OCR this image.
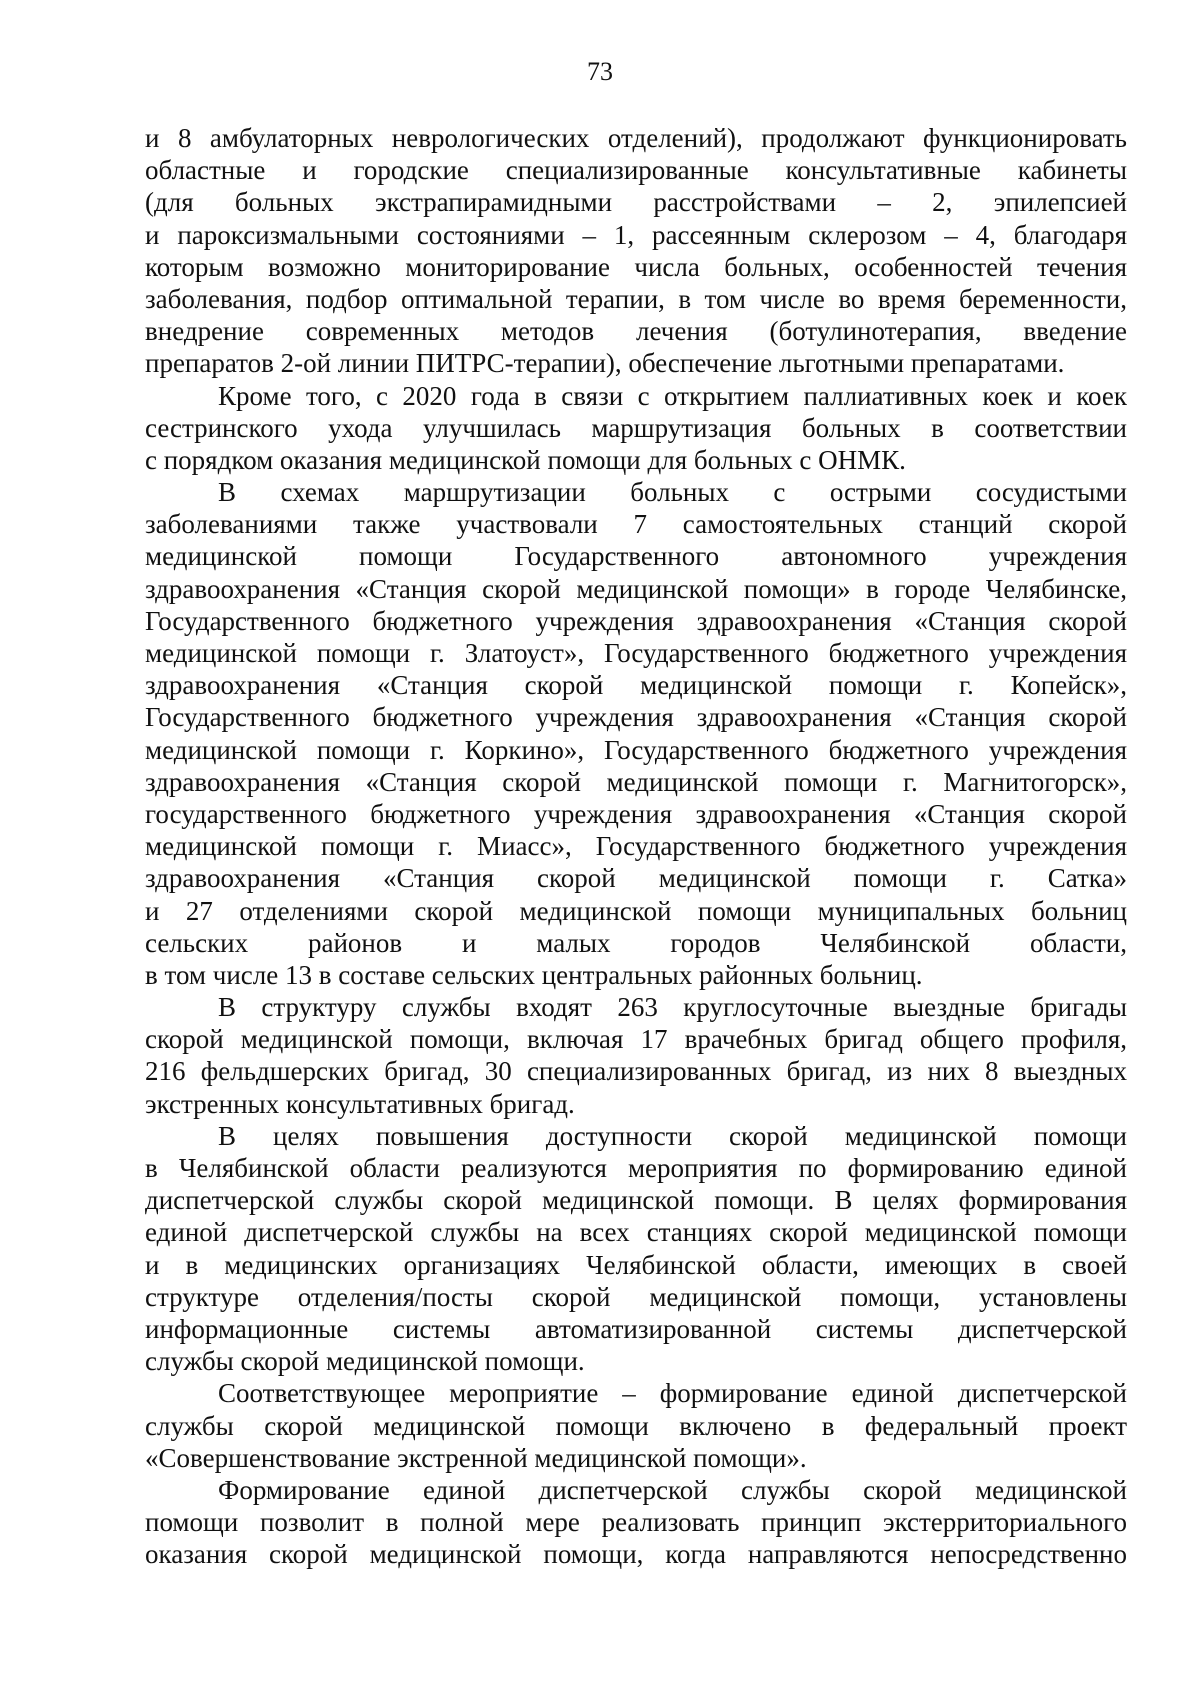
73
и 8 амбулаторных неврологических отделений), продолжают функционировать
областные и городские специализированные консультативные кабинеты
(для больных экстрапирамидными расстройствами – 2, эпилепсией
и пароксизмальными состояниями – 1, рассеянным склерозом – 4, благодаря
которым возможно мониторирование числа больных, особенностей течения
заболевания, подбор оптимальной терапии, в том числе во время беременности,
внедрение современных методов лечения (ботулинотерапия, введение
препаратов 2-ой линии ПИТРС-терапии), обеспечение льготными препаратами.
Кроме того, с 2020 года в связи с открытием паллиативных коек и коек
сестринского ухода улучшилась маршрутизация больных в соответствии
с порядком оказания медицинской помощи для больных с ОНМК.
В схемах маршрутизации больных с острыми сосудистыми
заболеваниями также участвовали 7 самостоятельных станций скорой
медицинской помощи Государственного автономного учреждения
здравоохранения «Станция скорой медицинской помощи» в городе Челябинске,
Государственного бюджетного учреждения здравоохранения «Станция скорой
медицинской помощи г. Златоуст», Государственного бюджетного учреждения
здравоохранения «Станция скорой медицинской помощи г. Копейск»,
Государственного бюджетного учреждения здравоохранения «Станция скорой
медицинской помощи г. Коркино», Государственного бюджетного учреждения
здравоохранения «Станция скорой медицинской помощи г. Магнитогорск»,
государственного бюджетного учреждения здравоохранения «Станция скорой
медицинской помощи г. Миасс», Государственного бюджетного учреждения
здравоохранения «Станция скорой медицинской помощи г. Сатка»
и 27 отделениями скорой медицинской помощи муниципальных больниц
сельских районов и малых городов Челябинской области,
в том числе 13 в составе сельских центральных районных больниц.
В структуру службы входят 263 круглосуточные выездные бригады
скорой медицинской помощи, включая 17 врачебных бригад общего профиля,
216 фельдшерских бригад, 30 специализированных бригад, из них 8 выездных
экстренных консультативных бригад.
В целях повышения доступности скорой медицинской помощи
в Челябинской области реализуются мероприятия по формированию единой
диспетчерской службы скорой медицинской помощи. В целях формирования
единой диспетчерской службы на всех станциях скорой медицинской помощи
и в медицинских организациях Челябинской области, имеющих в своей
структуре отделения/посты скорой медицинской помощи, установлены
информационные системы автоматизированной системы диспетчерской
службы скорой медицинской помощи.
Соответствующее мероприятие – формирование единой диспетчерской
службы скорой медицинской помощи включено в федеральный проект
«Совершенствование экстренной медицинской помощи».
Формирование единой диспетчерской службы скорой медицинской
помощи позволит в полной мере реализовать принцип экстерриториального
оказания скорой медицинской помощи, когда направляются непосредственно
